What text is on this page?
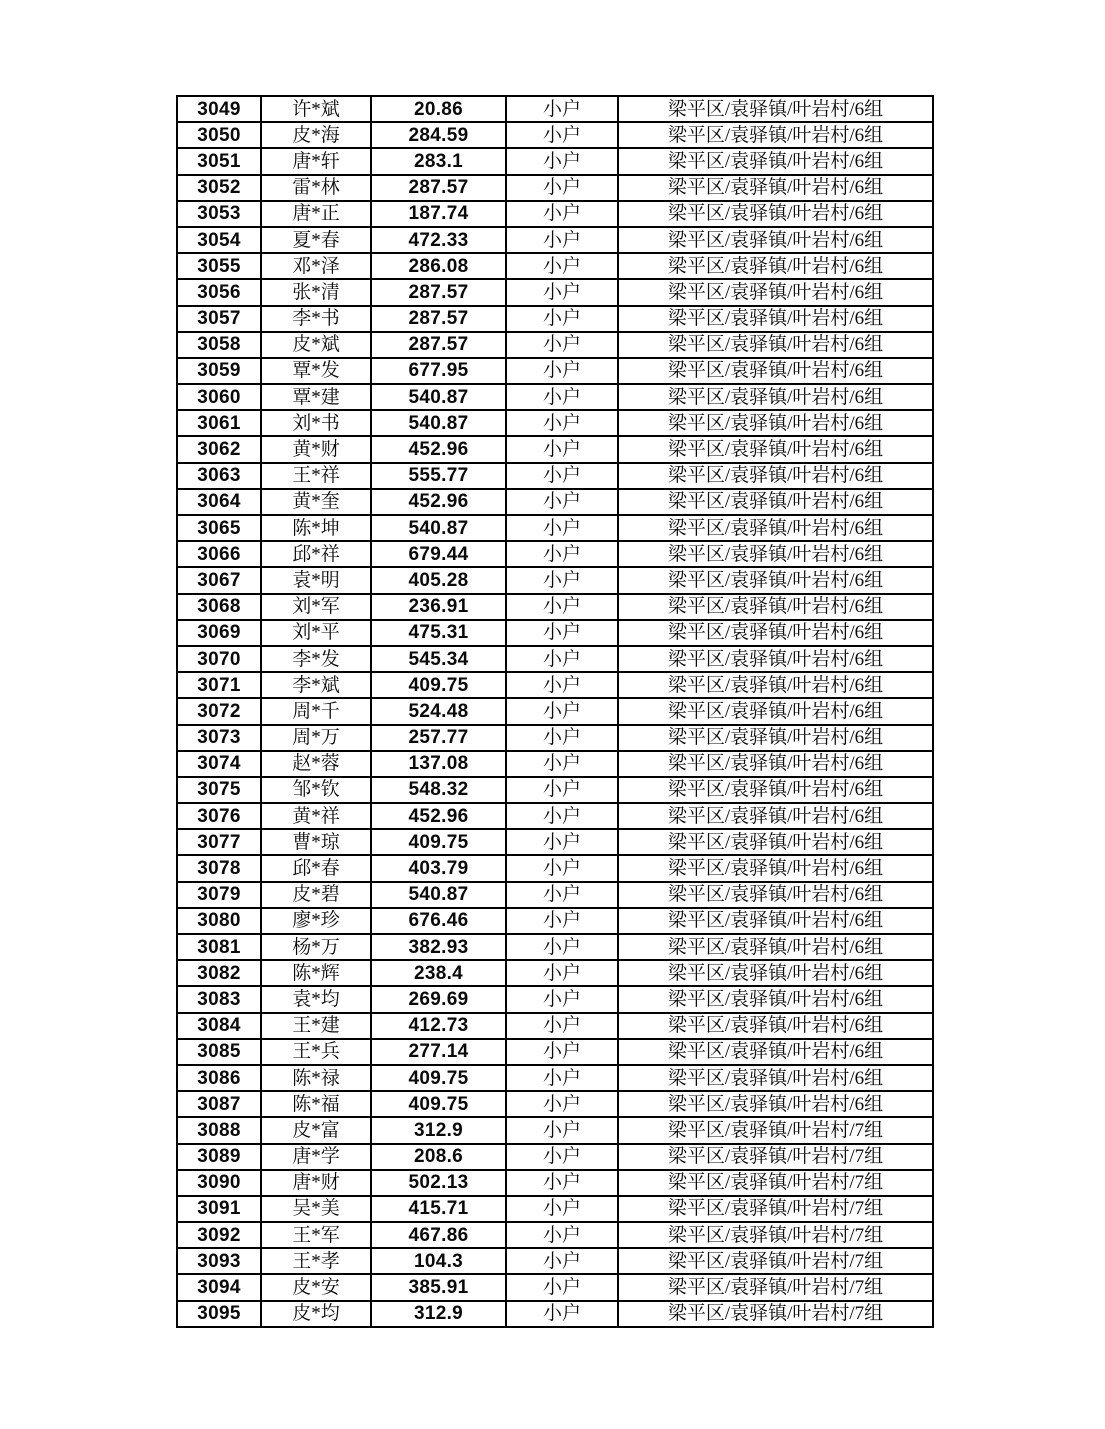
3049	许*斌	20.86	小户	梁平区/袁驿镇/叶岩村/6组
3050	皮*海	284.59	小户	梁平区/袁驿镇/叶岩村/6组
3051	唐*轩	283.1	小户	梁平区/袁驿镇/叶岩村/6组
3052	雷*林	287.57	小户	梁平区/袁驿镇/叶岩村/6组
3053	唐*正	187.74	小户	梁平区/袁驿镇/叶岩村/6组
3054	夏*春	472.33	小户	梁平区/袁驿镇/叶岩村/6组
3055	邓*泽	286.08	小户	梁平区/袁驿镇/叶岩村/6组
3056	张*清	287.57	小户	梁平区/袁驿镇/叶岩村/6组
3057	李*书	287.57	小户	梁平区/袁驿镇/叶岩村/6组
3058	皮*斌	287.57	小户	梁平区/袁驿镇/叶岩村/6组
3059	覃*发	677.95	小户	梁平区/袁驿镇/叶岩村/6组
3060	覃*建	540.87	小户	梁平区/袁驿镇/叶岩村/6组
3061	刘*书	540.87	小户	梁平区/袁驿镇/叶岩村/6组
3062	黄*财	452.96	小户	梁平区/袁驿镇/叶岩村/6组
3063	王*祥	555.77	小户	梁平区/袁驿镇/叶岩村/6组
3064	黄*奎	452.96	小户	梁平区/袁驿镇/叶岩村/6组
3065	陈*坤	540.87	小户	梁平区/袁驿镇/叶岩村/6组
3066	邱*祥	679.44	小户	梁平区/袁驿镇/叶岩村/6组
3067	袁*明	405.28	小户	梁平区/袁驿镇/叶岩村/6组
3068	刘*军	236.91	小户	梁平区/袁驿镇/叶岩村/6组
3069	刘*平	475.31	小户	梁平区/袁驿镇/叶岩村/6组
3070	李*发	545.34	小户	梁平区/袁驿镇/叶岩村/6组
3071	李*斌	409.75	小户	梁平区/袁驿镇/叶岩村/6组
3072	周*千	524.48	小户	梁平区/袁驿镇/叶岩村/6组
3073	周*万	257.77	小户	梁平区/袁驿镇/叶岩村/6组
3074	赵*蓉	137.08	小户	梁平区/袁驿镇/叶岩村/6组
3075	邹*钦	548.32	小户	梁平区/袁驿镇/叶岩村/6组
3076	黄*祥	452.96	小户	梁平区/袁驿镇/叶岩村/6组
3077	曹*琼	409.75	小户	梁平区/袁驿镇/叶岩村/6组
3078	邱*春	403.79	小户	梁平区/袁驿镇/叶岩村/6组
3079	皮*碧	540.87	小户	梁平区/袁驿镇/叶岩村/6组
3080	廖*珍	676.46	小户	梁平区/袁驿镇/叶岩村/6组
3081	杨*万	382.93	小户	梁平区/袁驿镇/叶岩村/6组
3082	陈*辉	238.4	小户	梁平区/袁驿镇/叶岩村/6组
3083	袁*均	269.69	小户	梁平区/袁驿镇/叶岩村/6组
3084	王*建	412.73	小户	梁平区/袁驿镇/叶岩村/6组
3085	王*兵	277.14	小户	梁平区/袁驿镇/叶岩村/6组
3086	陈*禄	409.75	小户	梁平区/袁驿镇/叶岩村/6组
3087	陈*福	409.75	小户	梁平区/袁驿镇/叶岩村/6组
3088	皮*富	312.9	小户	梁平区/袁驿镇/叶岩村/7组
3089	唐*学	208.6	小户	梁平区/袁驿镇/叶岩村/7组
3090	唐*财	502.13	小户	梁平区/袁驿镇/叶岩村/7组
3091	吴*美	415.71	小户	梁平区/袁驿镇/叶岩村/7组
3092	王*军	467.86	小户	梁平区/袁驿镇/叶岩村/7组
3093	王*孝	104.3	小户	梁平区/袁驿镇/叶岩村/7组
3094	皮*安	385.91	小户	梁平区/袁驿镇/叶岩村/7组
3095	皮*均	312.9	小户	梁平区/袁驿镇/叶岩村/7组
